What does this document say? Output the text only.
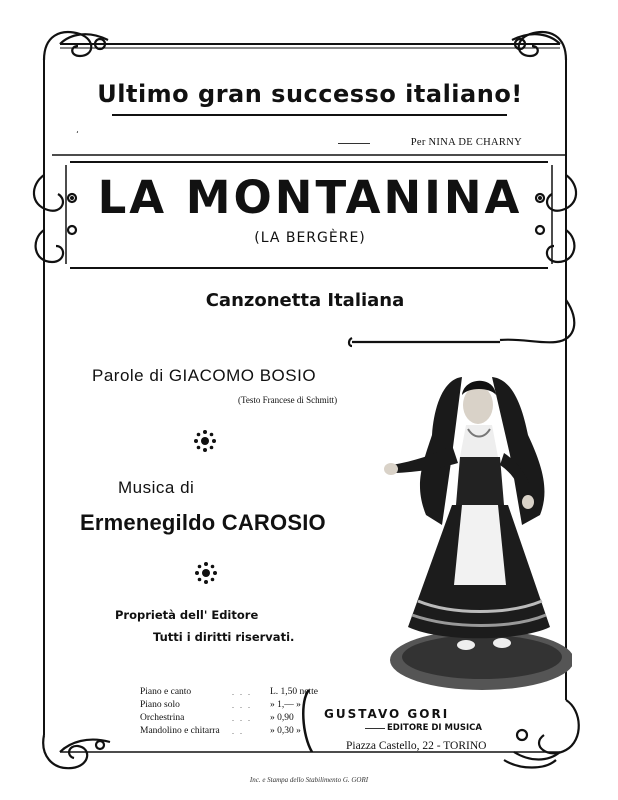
Ultimo gran successo italiano!
‘
Per NINA DE CHARNY
LA MONTANINA
(LA BERGÈRE)
Canzonetta Italiana
Parole di GIACOMO BOSIO
(Testo Francese di Schmitt)
Musica di
Ermenegildo CAROSIO
Proprietà dell' Editore
Tutti i diritti riservati.
Piano e canto	. . .	L. 1,50 nette
Piano solo	. . .	» 1,— »
Orchestrina	. . .	» 0,90
Mandolino e chitarra	. .	» 0,30 »
GUSTAVO GORI
EDITORE DI MUSICA
Piazza Castello, 22 - TORINO
Inc. e Stampa dello Stabilimento G. GORI
